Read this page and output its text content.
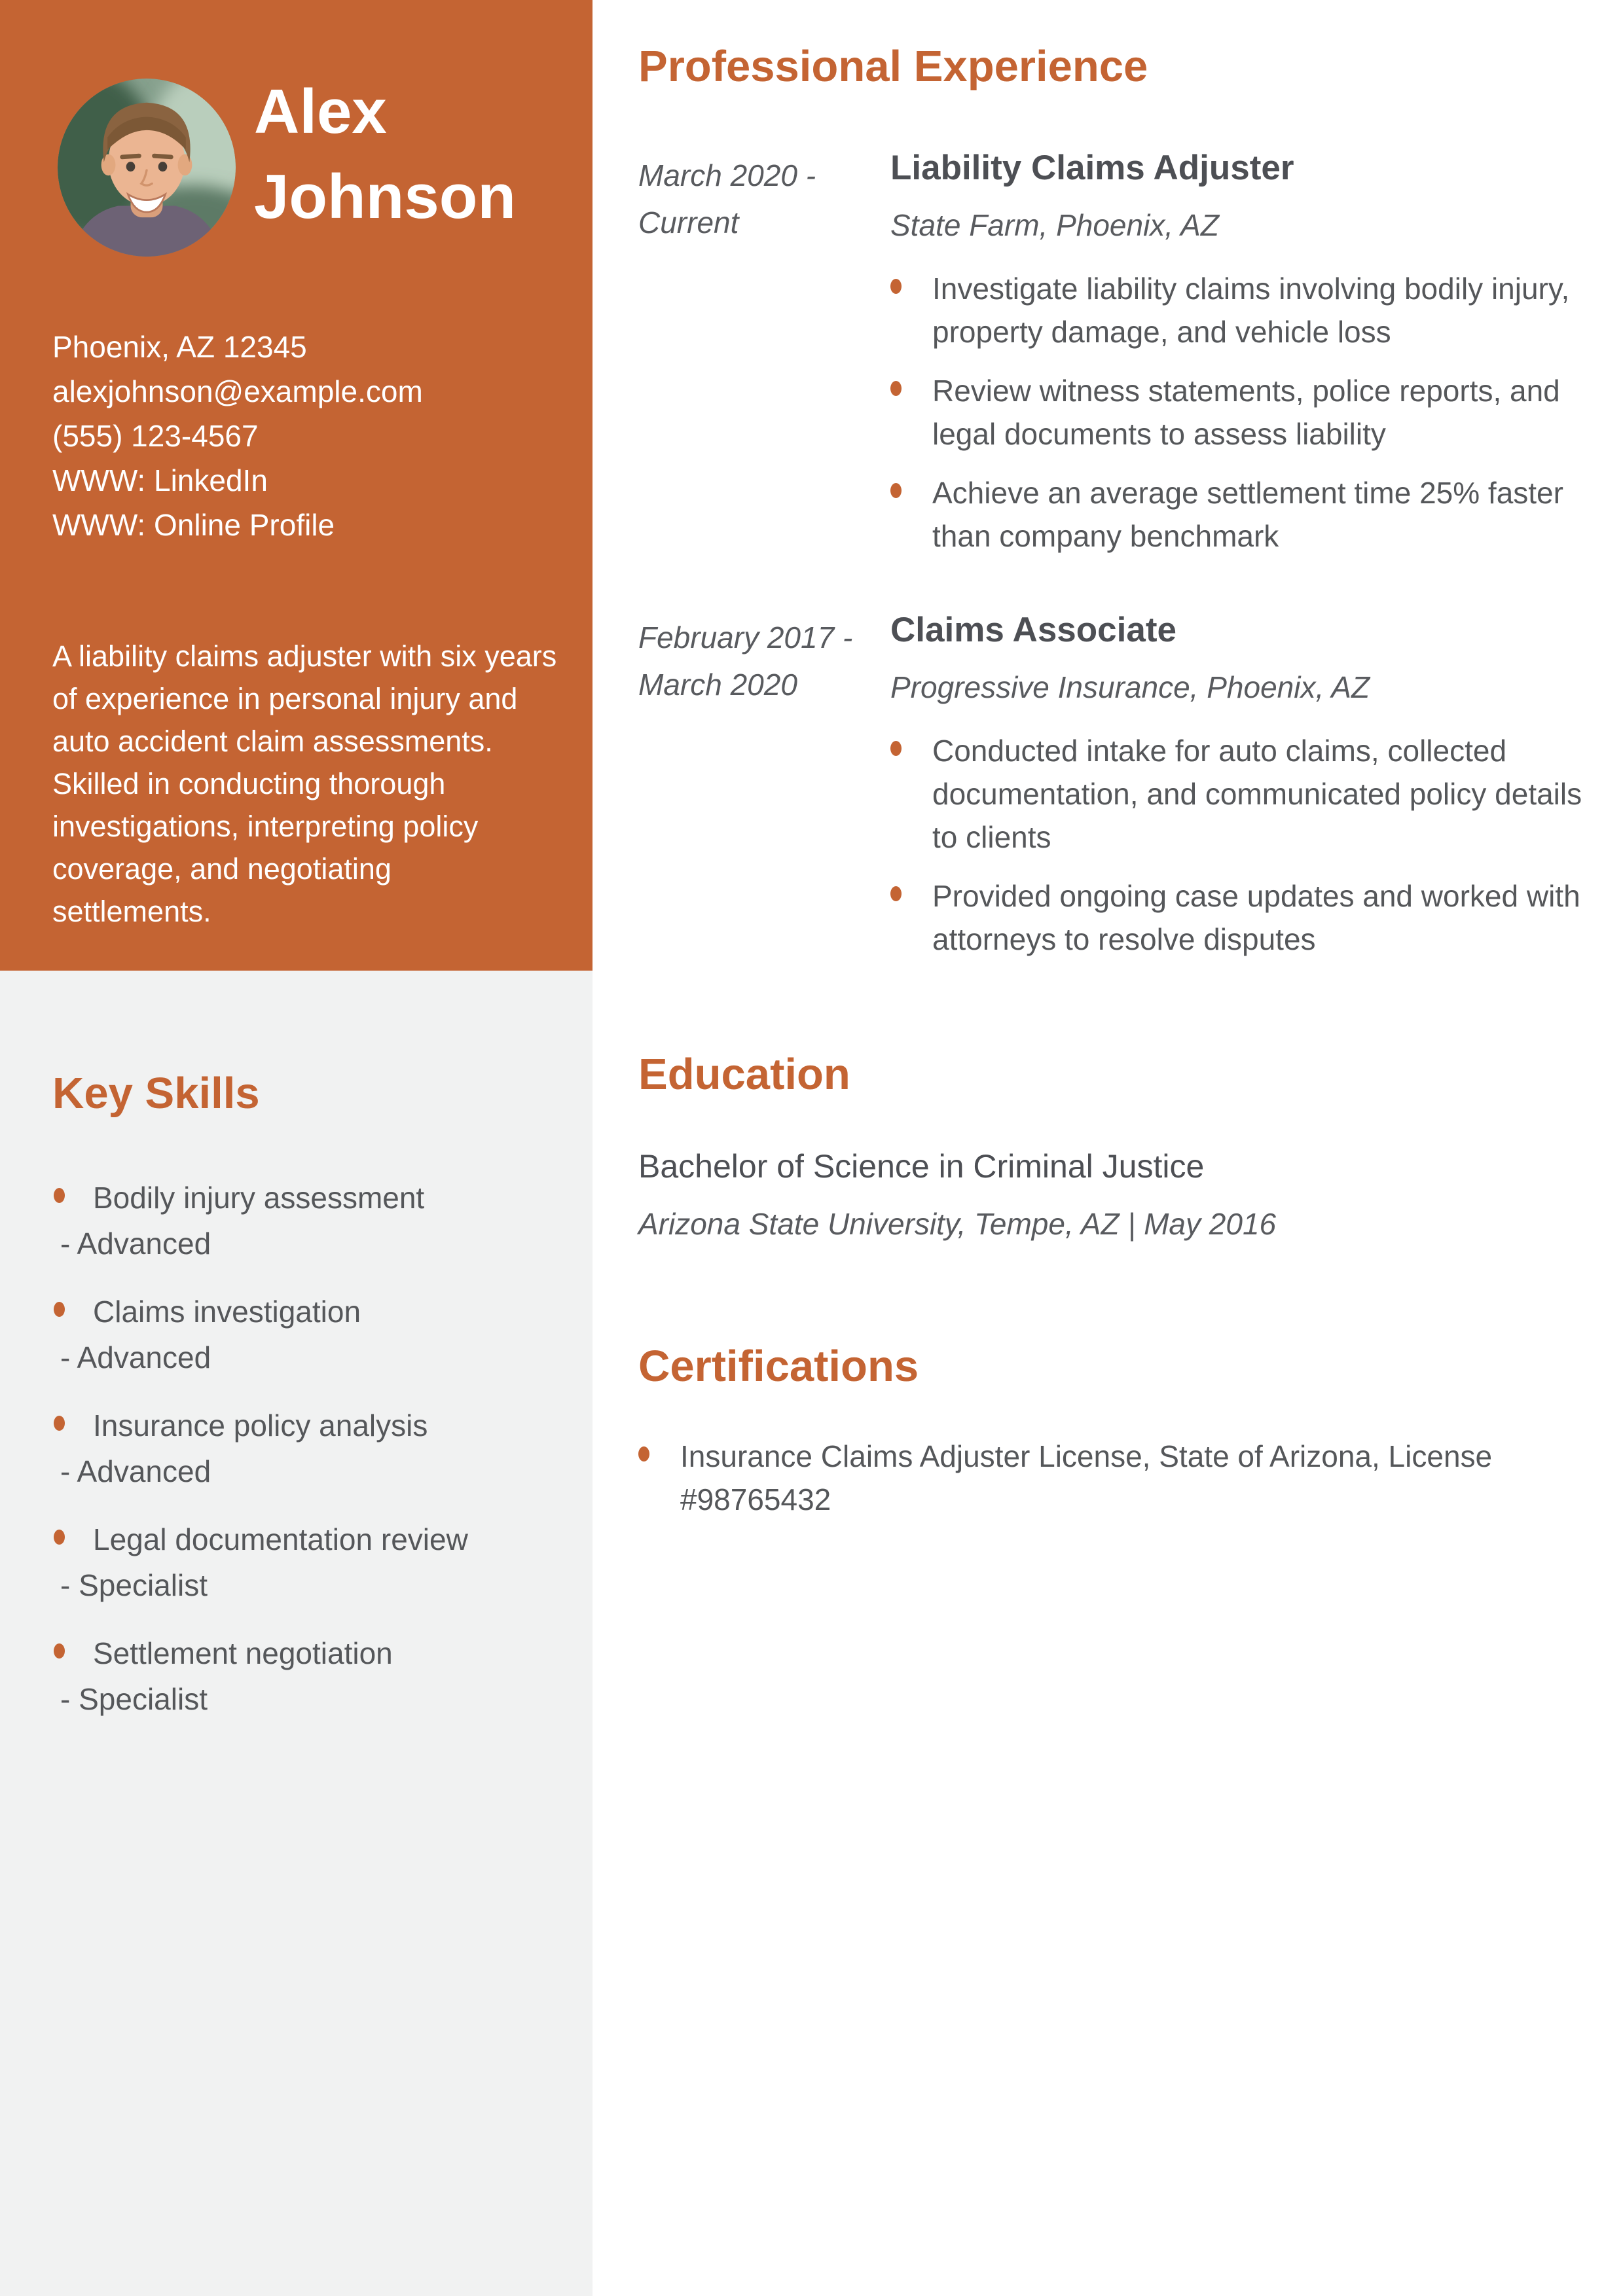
Alex
Johnson
Phoenix, AZ 12345
alexjohnson@example.com
(555) 123-4567
WWW: LinkedIn
WWW: Online Profile

A liability claims adjuster with six years of experience in personal injury and auto accident claim assessments. Skilled in conducting thorough investigations, interpreting policy coverage, and negotiating settlements.

Key Skills
Bodily injury assessment
- Advanced
Claims investigation
- Advanced
Insurance policy analysis
- Advanced
Legal documentation review
- Specialist
Settlement negotiation
- Specialist
Professional Experience
March 2020 -
Current
Liability Claims Adjuster
State Farm, Phoenix, AZ
Investigate liability claims involving bodily injury, property damage, and vehicle loss
Review witness statements, police reports, and legal documents to assess liability
Achieve an average settlement time 25% faster than company benchmark
February 2017 -
March 2020
Claims Associate
Progressive Insurance, Phoenix, AZ
Conducted intake for auto claims, collected documentation, and communicated policy details to clients
Provided ongoing case updates and worked with attorneys to resolve disputes
Education
Bachelor of Science in Criminal Justice
Arizona State University, Tempe, AZ | May 2016
Certifications
Insurance Claims Adjuster License, State of Arizona, License #98765432
